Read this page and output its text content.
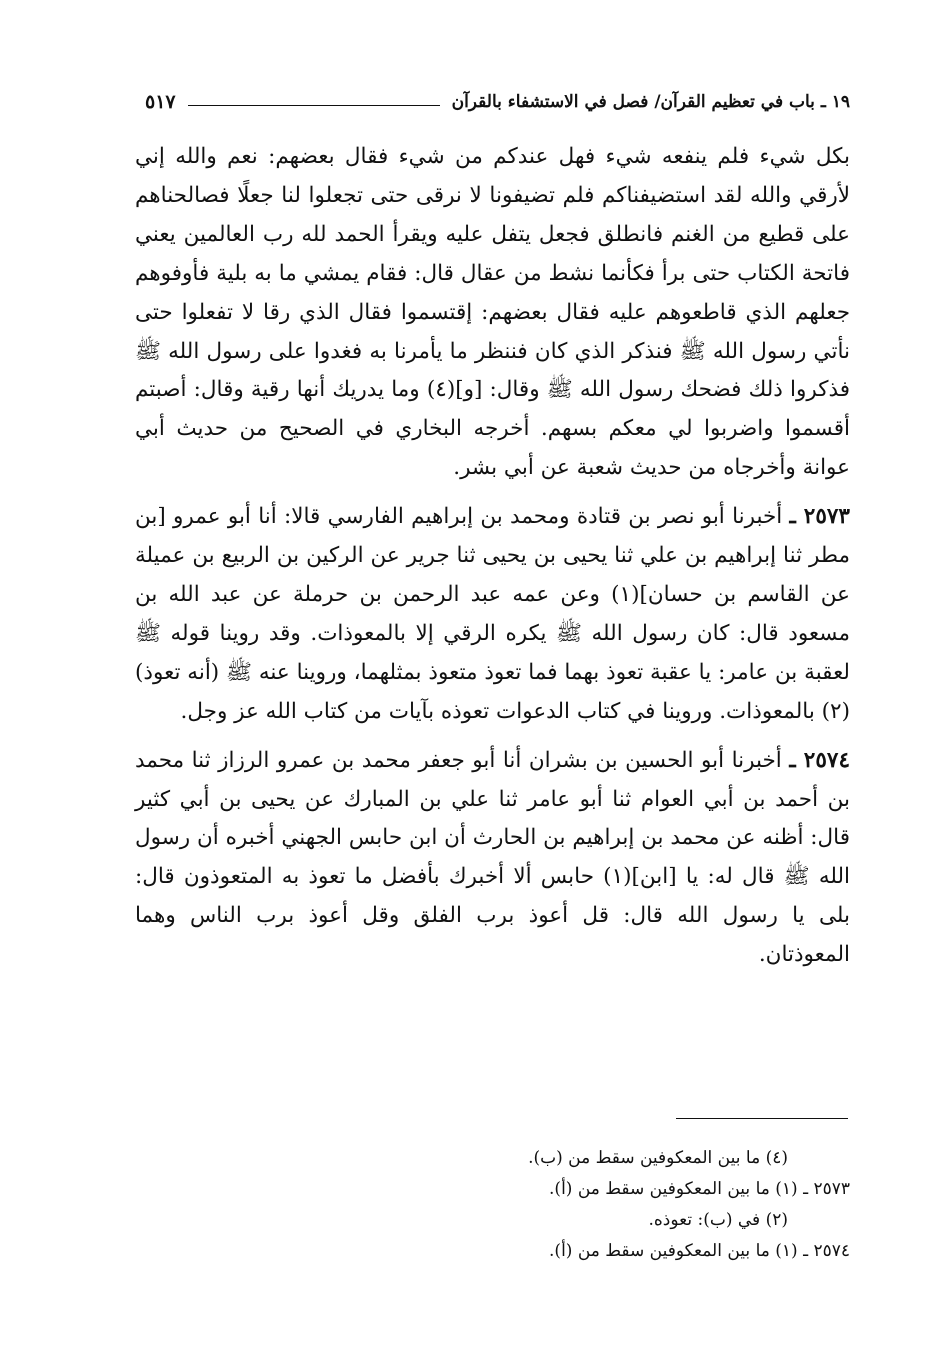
١٩ ـ باب في تعظيم القرآن/ فصل في الاستشفاء بالقرآن
٥١٧

بكل شيء فلم ينفعه شيء فهل عندكم من شيء فقال بعضهم: نعم والله إني لأرقي والله لقد استضيفناكم فلم تضيفونا لا نرقى حتى تجعلوا لنا جعلًا فصالحناهم على قطيع من الغنم فانطلق فجعل يتفل عليه ويقرأ الحمد لله رب العالمين يعني فاتحة الكتاب حتى برأ فكأنما نشط من عقال قال: فقام يمشي ما به بلية فأوفوهم جعلهم الذي قاطعوهم عليه فقال بعضهم: إقتسموا فقال الذي رقا لا تفعلوا حتى نأتي رسول الله ﷺ فنذكر الذي كان فننظر ما يأمرنا به فغدوا على رسول الله ﷺ فذكروا ذلك فضحك رسول الله ﷺ وقال: [و](٤) وما يدريك أنها رقية وقال: أصبتم أقسموا واضربوا لي معكم بسهم. أخرجه البخاري في الصحيح من حديث أبي عوانة وأخرجاه من حديث شعبة عن أبي بشر.

٢٥٧٣ ـ أخبرنا أبو نصر بن قتادة ومحمد بن إبراهيم الفارسي قالا: أنا أبو عمرو [بن مطر ثنا إبراهيم بن علي ثنا يحيى بن يحيى ثنا جرير عن الركين بن الربيع بن عميلة عن القاسم بن حسان](١) وعن عمه عبد الرحمن بن حرملة عن عبد الله بن مسعود قال: كان رسول الله ﷺ يكره الرقي إلا بالمعوذات. وقد روينا قوله ﷺ لعقبة بن عامر: يا عقبة تعوذ بهما فما تعوذ متعوذ بمثلهما، وروينا عنه ﷺ (أنه تعوذ)(٢) بالمعوذات. وروينا في كتاب الدعوات تعوذه بآيات من كتاب الله عز وجل.

٢٥٧٤ ـ أخبرنا أبو الحسين بن بشران أنا أبو جعفر محمد بن عمرو الرزاز ثنا محمد بن أحمد بن أبي العوام ثنا أبو عامر ثنا علي بن المبارك عن يحيى بن أبي كثير قال: أظنه عن محمد بن إبراهيم بن الحارث أن ابن حابس الجهني أخبره أن رسول الله ﷺ قال له: يا [ابن](١) حابس ألا أخبرك بأفضل ما تعوذ به المتعوذون قال: بلى يا رسول الله قال: قل أعوذ برب الفلق وقل أعوذ برب الناس وهما المعوذتان.

(٤) ما بين المعكوفين سقط من (ب).

٢٥٧٣ ـ (١) ما بين المعكوفين سقط من (أ).

(٢) في (ب): تعوذه.

٢٥٧٤ ـ (١) ما بين المعكوفين سقط من (أ).
